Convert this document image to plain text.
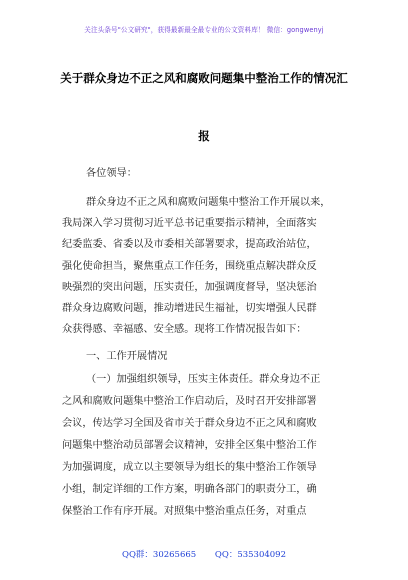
关注头条号"公文研究"，获得最新最全最专业的公文资料库！ 微信：gongwenyj
关于群众身边不正之风和腐败问题集中整治工作的情况汇
报
各位领导：
群众身边不正之风和腐败问题集中整治工作开展以来，
我局深入学习贯彻习近平总书记重要指示精神，全面落实
纪委监委、省委以及市委相关部署要求，提高政治站位，
强化使命担当，聚焦重点工作任务，围绕重点解决群众反
映强烈的突出问题，压实责任，加强调度督导，坚决惩治
群众身边腐败问题，推动增进民生福祉，切实增强人民群
众获得感、幸福感、安全感。现将工作情况报告如下：
一、工作开展情况
（一）加强组织领导，压实主体责任。群众身边不正
之风和腐败问题集中整治工作启动后，及时召开安排部署
会议，传达学习全国及省市关于群众身边不正之风和腐败
问题集中整治动员部署会议精神，安排全区集中整治工作
为加强调度，成立以主要领导为组长的集中整治工作领导
小组，制定详细的工作方案，明确各部门的职责分工，确
保整治工作有序开展。对照集中整治重点任务，对重点
QQ群：30265665 QQ：535304092
